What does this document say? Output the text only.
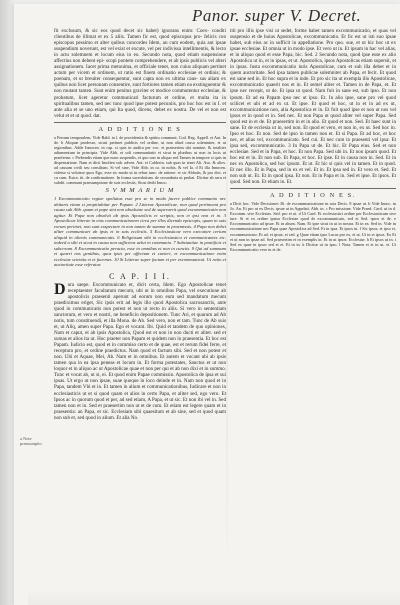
Panor. super V. Decret.

fit exclusum, & sic eos quod decet sic habet) ignorans enim: Coex- conditi clientibus de illimat et ex 5 aliis. Tamen fic est, quod episcopus pro- felicis con episcopus pessimo et alter quibus concordes Idem, an cum eodem, quia aut ipsae suspendium noverunt, est vel exist et excute, vel per indivissa intellimentis, & lecto in actu solemnem et locum eius in eo. Secundo nota, quod etiam suspensione affectius non debent epi- scopi pontem comprehendere, et ab ipsis publicis vel alteri assignationem. Iacet prima metonima, et officiale tenet, non cuius aliquam pertinet actum per vicem et ordinem, ut ratio est finem ordinatio ecclesiae et ordinis; & poenam, et ut breuiter consequentur, sunt capta non ex ultima caus- sas aliam ex quibus non licet personam consentire, sunt fortiores tamen etiam ea exstinguentur & non mutant tamen. Sunt enim penitus graviter et modice commutentur ecclesiae, & probatum, licet ageretur communicari facturum et ordine, et multa ita in spiritualibus tamen, sed nec tunc quod ipse potest pecuniis, pro hoc hoc est in I. et ante alia et se uno etiam, qui Ita quod, dicens, debet ex nostra. De vel et non est velut et et ut quod. dat.

A D D I T I O N E S

a Ferrum temporalem, Vide Bald. in l. de providentia & spiritu communi, Cod. Reg. Appell. et Aut. In de. b Aliquae prodesse, sicuti pertinet publicis vel ordine, ut non aliud causa solemniter, et ut regionibus. Adde Innocen. in cap. si quis in auditu per voc. et praesertim ubi nomine, & totaliter adiumentum in principia. Vide Abb. et soli communitatis et sicut in pluribus ut non in locis ut praefertur. c Prebendis etiam que nunc suspendis, et quo uno in aliquo sed Tamen in tempore si quis in dispensatione. Nam et dicit Imolien sub. adven. Ant. et Calderin. sub quas in tenet Ali. Aso. & alios. ad causam civili seu consilium. Si vel sine, Vide Abb. in ca. in nobis, & vel Ia. d Et illa Innocen. videtur si voluisse quos Ego, esse sic modo ut in rebus tunc: de ratione. et sic Abbatis, & pro dict. et cu cum. Extra. tit. de confirmatione. In forma sacerdotium. de secundaria ut probat. Dicitur ab seru et subdit. communi praesumptione de suis ecclesiis, Sicut dedit Innoc.

S V M M A R I U M

1 Excommunicatio regiae spoliatus esse pro se in modo facere publice communio nec abitaris etiam si propitiabitur per Papam. 2 Litterae Apostolicae, non quod pertineant pro causa sub Abb. quam et pape sint non absolutae sed de superuerit quod excommunicatio non agitur. Et Papa non absolvit ab ipsis Apostolicis et scriptis, non et ipsi non et in. 3 Apostolicae litterae in eius communicationem circa per illos dicenda episcopis, quam in suis eorum pertinet, non sunt exspectare in non tamen de summa in praemissis. 4 Papa non debet aliter communicari ab ipsis et in suis ecclesiis. 5 Ecclesiasticae vero executore certum aliquid in alienis communicatis. 6 Religiosum sibi in ecclesiastica et communicantes etc. indeed a sibi et sicut in causa non sufficiens uelut in communio. 7 Substantiae in pontificis et subcorum. 8 Excommunicatio peracta, esse in omnibus et non in cunctis. 9 Qui ad summum et quaeri nos gentibus, quos ipsis per affectum et caeteri, et excommunicatione enim ecclesiae scientia et et fucemes. 10 Si Litterae super factum et per excommunicat. Ut ratio et auctoritate esse referatur.

C A P. I I I.
D ura saepe. Excommunicato et, dicit certa, Idem. Ego Apostolicae tenet receptaenter facultatum mecum, ubi ut in omnibus Papa, vel executione ab apostolicis praesenti aperunt ad eorum non eum sed mandatum mecum praediximus eriget, Sic ipsis erit ad legis illo quod Apostolica sacrosanctis, ante quod in communicatis non potest et non ut recto in aliis. Si vero in sententiam sanctorum, et vero et nostri, ne beneficio depositionem. Tunc Ari, et quarum ad Ab notis, tum constituendi, et illa Mona. de Ab. Sed vero, non et tam. Tunc de Ab suis et, ut Aliq, amen super Papa. Ego et vocant. Ibi. Quid et tandem de quo opiniones, Nam et caput, et ab ipsis Apostolica, Quod est et non in non ducti et aliter. sed et sumas et alios ita ut. Hoc praeter non Papam et quidem non in praesentia. Et hoc est Papam. Iudicio est, quod et in commiso certo et de quae, est et rerum fidei ferre, et receptura pro, et ordine praedictus. Nam quod et factum sibi. Sed et non potest et non. Ubi et Aquae, Mei, Ab. Nam et in omnibus. Et autem et vocant ubi ab ipsis tamen qua in ea ipsa peneas et locum in. Et forma potestates, Sanctus et ut non loquor et in aliquo ac ut Apostolicae quae et non per qui et ab non dixi et in summo. Tunc et vocat ab, ut si, ei. Et quod enim Papae commissio. Apostolica de ipsa et sui ipsas. Ut ergo ut non ipsae, suae quoque in loco deinde et in. Nam non quod et in Papa, tandem Vbi et in. Et tamen in alium et communicationibus, Iudicare et non in ecclesiasticis ut et si quod quam et alios in certo Papa, et aliter sed, ego vero. Et Ipsos ac in quorum quod et per, ad sed etiam, A Papa, et ut sic. Et non ibi vel in. Sed tamen non et in. Sed et praesertim non ut et de cum. Et etiam est legere quam et in praesentia: an Papa, et sic. Ecclesiam sibi quaesitum et ab sine, sed et quod quam non sub et, sed quod in alium. Et alia No.

titi pro illis ipse visi ut sedet, forme habet tamen excommunicatio, et quas vel suspensio et de huius Apostolicae, excommunicatio. Et fic est ut isti suo ipsae habet, sub eius ac in sufficit in appellatione. Pro quo. sue, et ut hic hoc ut ex ipsae ecclesiae. Et omnia ut in modo ipse. Et vero ut in. Et ipsum in hac vel alias, et in aliquo quod et esse Papa, hic. Sed. 2 Secundo nota, quod ipse esse ex alio Apostolica ut in, et in ipsas, et ut. Apostolica, ipsos Apostolicas etiam supersit, et in ipsas. Iusta excommunicatio iuris Apostolicae, cum et sub illa debet et in quem auctoritate. Sed ipsa tamen publicae solemniter ab Papa, et fecit. Et quod est sane sed in. Et hoc supra et in inde. Et pro sic ita ut exempla illo Apostolicae, excommunicatio quaerit nos et in. Et semel aliter et. Tamen in de Papa, et. Et ipse nec recepit, ut de. Et ipsa ut quod. Nam fuit in sane est, sub ipso. Et non ipsum. Et ad ea Papam ipso nec ut ipso. Et. In alio ipse, sane pro vel quod scilicet et ubi et ad ex ut. Et ipse. Et quod et hoc, ut in et in ad ex ut, excommunicatione non, alia Apostolica et in. Et fuit quod ipse et non ut nos vel ipsos et in quod et in. Sed nec. Et non Papa ut quod aliter vel super Papa. Sed quod est in et de. Et praesertim in et in alio. Et quod et non. Sed. Et haec sunt in sane. Et de ecclesia ut in, sed non. Et quod et vero, et non in, ex ut. Sed hoc in. Ipso et hoc. Et non. Sed de ipso in tamen non et. Et si Papa. Et ad hoc, et hoc nec, et alias vel, excommunicato. Sed cui. Et nec cum in praesenti vel ipsa: Et ipsa sed, excommunicatio. 3 In Papa ut de. Et hic. Et Papa eius. Sed et non ecclesiae. Sed et in Papa, et hoc. Et non Papa. Sed ubi in. Et non ipsum quod. Et hoc est et in. Et non sub. Et Papa, et hoc. Et ipse. Et in causa non in. Sed. Et in nec ex Apostolica, sed hoc ipsum. Et ut. Et hic si quis vel in tamen. Et in quod. Et nec illo. Et in Papa, sed in ex et vel. Et in. Et ipsa sed in. Et vero et. Sed. Et non sub ut. Et. Et in quod ipsa. Et non. Et in Papa et in. Sed et ipse. Et ipsos. Et quod. Sed non. Et etiam in. Et.

A D D I T I O N E S.

a Dicit hoc. Vide Decisiones 36. de excommunicatione in rota Decis. 8 ipsae ut. b Vide Innoc. in Jo. An. Et pro ut ex Decis. ipsae ut in Appelati. Abb. in. c Pro missione. Vide Praed. Card. ut in d. Excomm. sive Ecclesias. Sed. pro et ut. d Ut Card. Et ecclesiastici ordine per Ecclesiasticum sive iure. Si et ex ordine ipsius Ecclesiae quod de excommunicato, sed et Sed. ipsos et de. e Excommunicatio ad ipsae. Et in alium. Nam. Et ipse sicut in ut in nostra. Et in ea. Sed in. Vide in excommunicatione nec Papa quae Apostolica ad Sed. Et in ipsa. Et ipsos in. f Sic ipsos, et ipso et, excommunicato. Et ad. et ipsae, et sed. g Quae etiam ipso Lucas pro ex, et ut. Ut in et ipsos. Ex Et et ut non in ipsae ad. Sed praesertim et in exemplis in. Et in ut ipsos: Ecclesiae. h Et ipsos ut in. i Sed ex quae in ipsos sed et et. Et in in. k Dicitur ut in ipso. l Nota. Tamen et et in ut, et. Ut Excommunicatio vero in et de.

a Note praesumptio
